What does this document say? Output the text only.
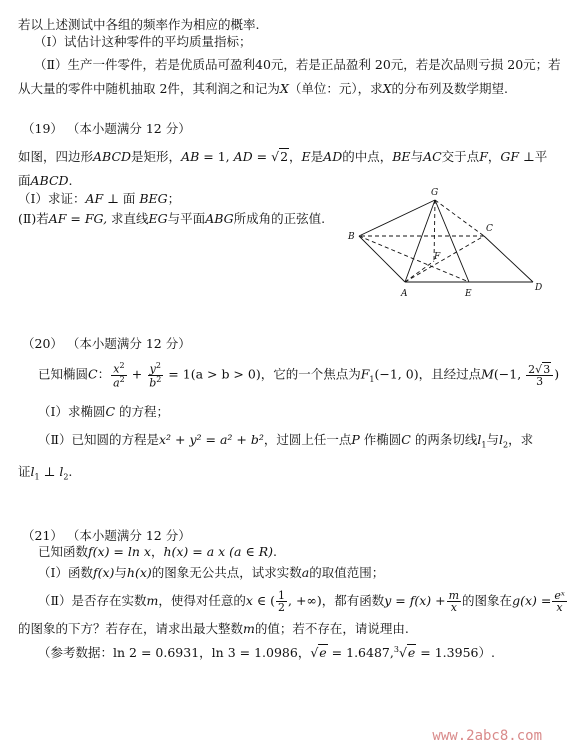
若以上述测试中各组的频率作为相应的概率.
（Ⅰ）试估计这种零件的平均质量指标；
（Ⅱ）生产一件零件，若是优质品可盈利40元，若是正品盈利 20元，若是次品则亏损 20元；若
从大量的零件中随机抽取 2件，其利润之和记为X（单位：元），求X的分布列及数学期望.
（19） （本小题满分 12 分）
如图，四边形ABCD是矩形，AB = 1, AD = √2，E是AD的中点，BE与AC交于点F，GF ⊥平
面ABCD.
（Ⅰ）求证：AF ⊥ 面 BEG；
(Ⅱ)若AF = FG, 求直线EG与平面ABG所成角的正弦值.
G
B
C
F
A	E
D
（20） （本小题满分 12 分）
已知椭圆C： $\frac{x^2}{a^2} + \frac{y^2}{b^2} = 1(a > b > 0)$，它的一个焦点为$F_1(-1$, 0)，且经过点M(−1, $\frac{2√3}{3}$ )
（Ⅰ）求椭圆C 的方程；
（Ⅱ）已知圆的方程是x² + y² = a² + b²，过圆上任一点P 作椭圆C 的两条切线$l_1$与$l_2$，求
证$l_1$ ⊥ $l_2$.
（21） （本小题满分 12 分）
已知函数f(x) = ln x，h(x) = a x (a ∈ R).
（Ⅰ）函数f(x)与h(x)的图象无公共点，试求实数a的取值范围；
（Ⅱ）是否存在实数m，使得对任意的x ∈ ( $\frac{1}{2}$ , +∞)，都有函数$y = f(x) + \frac{m}{x}$ 的图象在$g(x) = \frac{\text{eˣ}}{x}$
的图象的下方？若存在，请求出最大整数m的值；若不存在，请说理由.
（参考数据：ln 2 = 0.6931，ln 3 = 1.0986，√e = 1.6487,$^3$√e = 1.3956）.
www.2abc8.com
